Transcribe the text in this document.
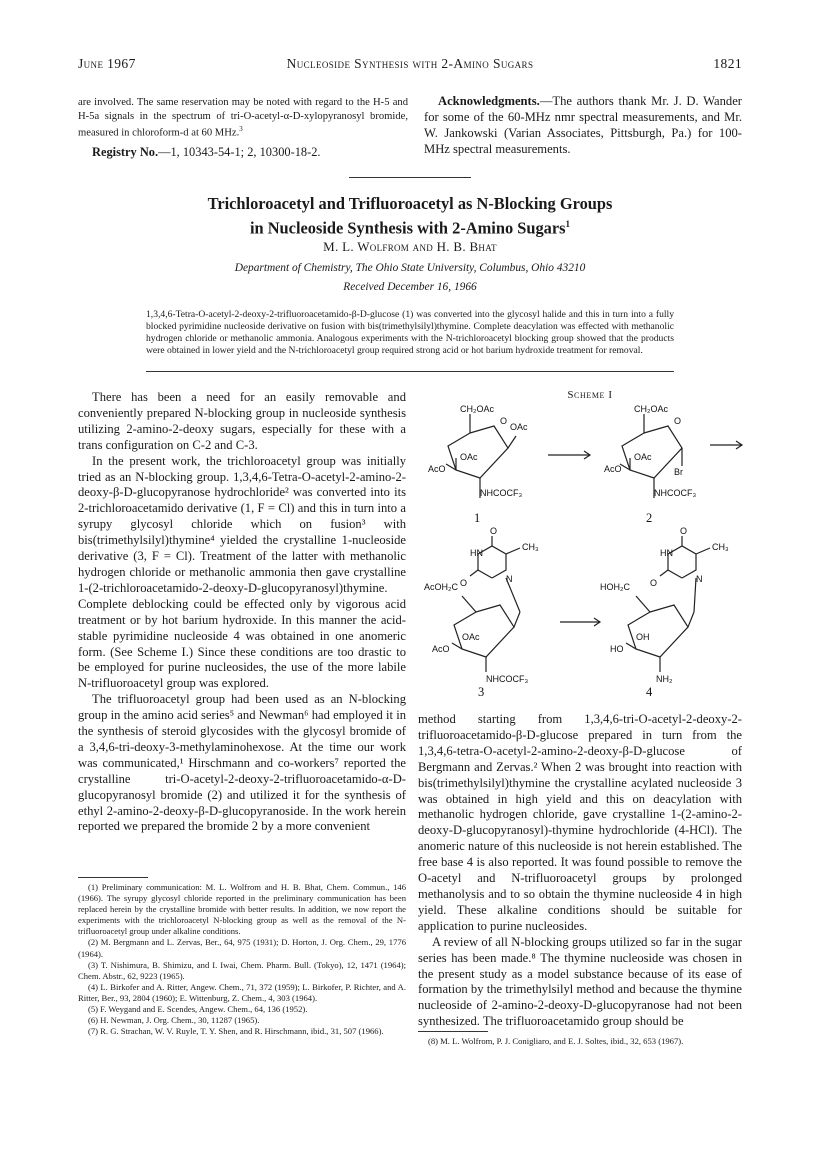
June 1967	Nucleoside Synthesis with 2-Amino Sugars	1821
are involved. The same reservation may be noted with regard to the H-5 and H-5a signals in the spectrum of tri-O-acetyl-α-D-xylopyranosyl bromide, measured in chloroform-d at 60 MHz.$^3$
Registry No.—1, 10343-54-1; 2, 10300-18-2.

Acknowledgments.—The authors thank Mr. J. D. Wander for some of the 60-MHz nmr spectral measurements, and Mr. W. Jankowski (Varian Associates, Pittsburgh, Pa.) for 100-MHz spectral measurements.

Trichloroacetyl and Trifluoroacetyl as N-Blocking Groups
in Nucleoside Synthesis with 2-Amino Sugars$^1$
M. L. Wolfrom and H. B. Bhat
Department of Chemistry, The Ohio State University, Columbus, Ohio 43210
Received December 16, 1966
1,3,4,6-Tetra-O-acetyl-2-deoxy-2-trifluoroacetamido-β-D-glucose (1) was converted into the glycosyl halide and this in turn into a fully blocked pyrimidine nucleoside derivative on fusion with bis(trimethylsilyl)thymine. Complete deacylation was effected with methanolic hydrogen chloride or methanolic ammonia. Analogous experiments with the N-trichloroacetyl blocking group showed that the products were obtained in lower yield and the N-trichloroacetyl group required strong acid or hot barium hydroxide treatment for removal.

There has been a need for an easily removable and conveniently prepared N-blocking group in nucleoside synthesis utilizing 2-amino-2-deoxy sugars, especially for these with a trans configuration on C-2 and C-3.

In the present work, the trichloroacetyl group was initially tried as an N-blocking group. 1,3,4,6-Tetra-O-acetyl-2-amino-2-deoxy-β-D-glucopyranose hydrochloride² was converted into its 2-trichloroacetamido derivative (1, F = Cl) and this in turn into a syrupy glycosyl chloride which on fusion³ with bis(trimethylsilyl)thymine⁴ yielded the crystalline 1-nucleoside derivative (3, F = Cl). Treatment of the latter with methanolic hydrogen chloride or methanolic ammonia then gave crystalline 1-(2-trichloroacetamido-2-deoxy-D-glucopyranosyl)thymine. Complete deblocking could be effected only by vigorous acid treatment or by hot barium hydroxide. In this manner the acid-stable pyrimidine nucleoside 4 was obtained in one anomeric form. (See Scheme I.) Since these conditions are too drastic to be employed for purine nucleosides, the use of the more labile N-trifluoroacetyl group was explored.

The trifluoroacetyl group had been used as an N-blocking group in the amino acid series⁵ and Newman⁶ had employed it in the synthesis of steroid glycosides with the glycosyl bromide of a 3,4,6-tri-deoxy-3-methylaminohexose. At the time our work was communicated,¹ Hirschmann and co-workers⁷ reported the crystalline tri-O-acetyl-2-deoxy-2-trifluoroacetamido-α-D-glucopyranosyl bromide (2) and utilized it for the synthesis of ethyl 2-amino-2-deoxy-β-D-glucopyranoside. In the work herein reported we prepared the bromide 2 by a more convenient

(1) Preliminary communication: M. L. Wolfrom and H. B. Bhat, Chem. Commun., 146 (1966). The syrupy glycosyl chloride reported in the preliminary communication has been replaced herein by the crystalline bromide with better results. In addition, we now report the experiments with the trichloroacetyl N-blocking group as well as the removal of the N-trifluoroacetyl group under alkaline conditions.

(2) M. Bergmann and L. Zervas, Ber., 64, 975 (1931); D. Horton, J. Org. Chem., 29, 1776 (1964).

(3) T. Nishimura, B. Shimizu, and I. Iwai, Chem. Pharm. Bull. (Tokyo), 12, 1471 (1964); Chem. Abstr., 62, 9223 (1965).

(4) L. Birkofer and A. Ritter, Angew. Chem., 71, 372 (1959); L. Birkofer, P. Richter, and A. Ritter, Ber., 93, 2804 (1960); E. Wittenburg, Z. Chem., 4, 303 (1964).

(5) F. Weygand and E. Scendes, Angew. Chem., 64, 136 (1952).

(6) H. Newman, J. Org. Chem., 30, 11287 (1965).

(7) R. G. Strachan, W. V. Ruyle, T. Y. Shen, and R. Hirschmann, ibid., 31, 507 (1966).

Scheme I
CH₂OAc
OAc
O
OAc
AcO
NHCOCF₃
CH₂OAc
O
OAc
AcO	Br
NHCOCF₃
O
CH₃
HN
N
O
AcOH₂C
OAc
AcO
NHCOCF₃
O
CH₃
HN
N
O
HOH₂C
OH
HO
NH₂
1	2
3	4

method starting from 1,3,4,6-tri-O-acetyl-2-deoxy-2-trifluoroacetamido-β-D-glucose prepared in turn from the 1,3,4,6-tetra-O-acetyl-2-amino-2-deoxy-β-D-glucose of Bergmann and Zervas.² When 2 was brought into reaction with bis(trimethylsilyl)thymine the crystalline acylated nucleoside 3 was obtained in high yield and this on deacylation with methanolic hydrogen chloride, gave crystalline 1-(2-amino-2-deoxy-D-glucopyranosyl)-thymine hydrochloride (4-HCl). The anomeric nature of this nucleoside is not herein established. The free base 4 is also reported. It was found possible to remove the O-acetyl and N-trifluoroacetyl groups by prolonged methanolysis and to so obtain the thymine nucleoside 4 in high yield. These alkaline conditions should be suitable for application to purine nucleosides.

A review of all N-blocking groups utilized so far in the sugar series has been made.⁸ The thymine nucleoside was chosen in the present study as a model substance because of its ease of formation by the trimethylsilyl method and because the thymine nucleoside of 2-amino-2-deoxy-D-glucopyranose had not been synthesized. The trifluoroacetamido group should be

(8) M. L. Wolfrom, P. J. Conigliaro, and E. J. Soltes, ibid., 32, 653 (1967).
